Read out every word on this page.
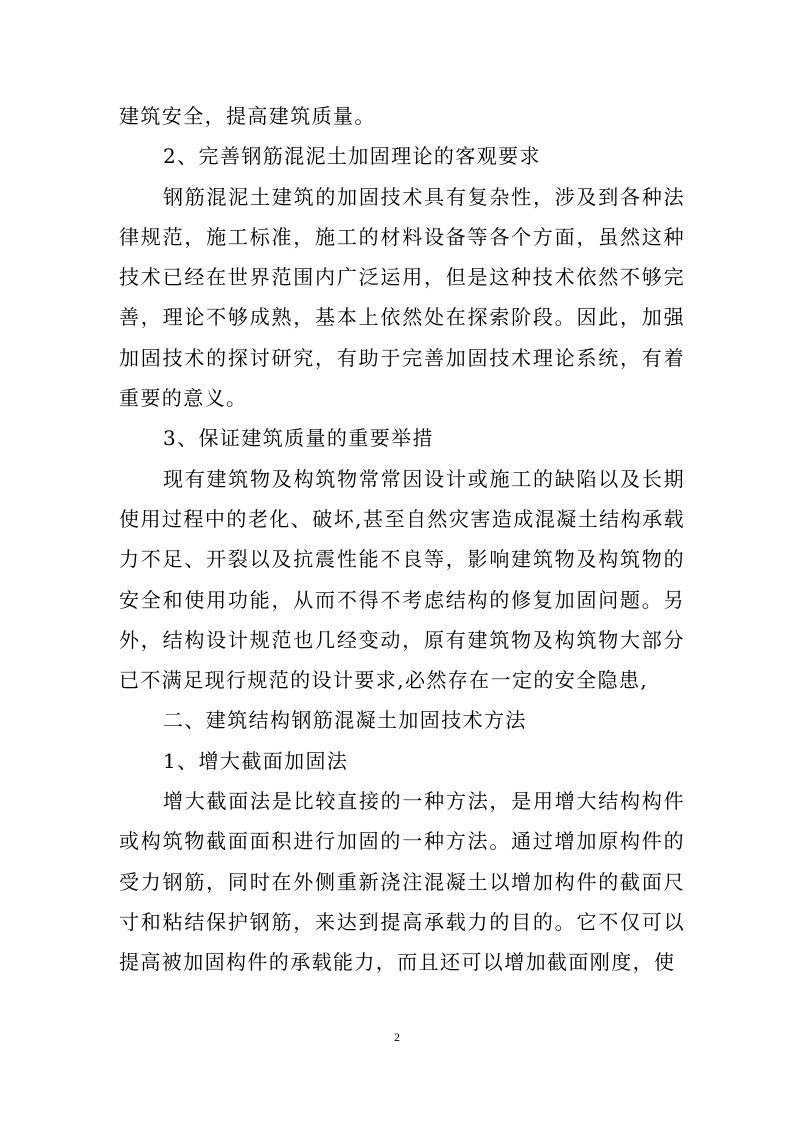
建筑安全，提高建筑质量。

2、完善钢筋混泥土加固理论的客观要求

钢筋混泥土建筑的加固技术具有复杂性，涉及到各种法律规范，施工标准，施工的材料设备等各个方面，虽然这种技术已经在世界范围内广泛运用，但是这种技术依然不够完善，理论不够成熟，基本上依然处在探索阶段。因此，加强加固技术的探讨研究，有助于完善加固技术理论系统，有着重要的意义。

3、保证建筑质量的重要举措

现有建筑物及构筑物常常因设计或施工的缺陷以及长期使用过程中的老化、破坏,甚至自然灾害造成混凝土结构承载力不足、开裂以及抗震性能不良等，影响建筑物及构筑物的安全和使用功能，从而不得不考虑结构的修复加固问题。另外，结构设计规范也几经变动，原有建筑物及构筑物大部分已不满足现行规范的设计要求,必然存在一定的安全隐患,

二、建筑结构钢筋混凝土加固技术方法

1、增大截面加固法

增大截面法是比较直接的一种方法，是用增大结构构件或构筑物截面面积进行加固的一种方法。通过增加原构件的受力钢筋，同时在外侧重新浇注混凝土以增加构件的截面尺寸和粘结保护钢筋，来达到提高承载力的目的。它不仅可以提高被加固构件的承载能力，而且还可以增加截面刚度，使

2
